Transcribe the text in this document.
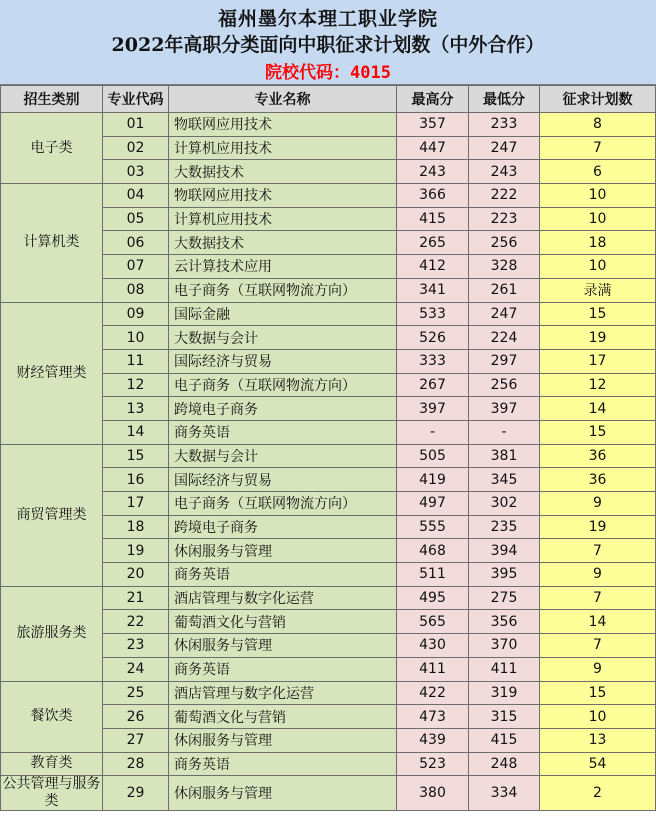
福州墨尔本理工职业学院
2022年高职分类面向中职征求计划数（中外合作）
院校代码：4015
招生类别	专业代码	专业名称	最高分	最低分	征求计划数
电子类	01	物联网应用技术	357	233	8
	02	计算机应用技术	447	247	7
	03	大数据技术	243	243	6
计算机类	04	物联网应用技术	366	222	10
	05	计算机应用技术	415	223	10
	06	大数据技术	265	256	18
	07	云计算技术应用	412	328	10
	08	电子商务（互联网物流方向）	341	261	录满
财经管理类	09	国际金融	533	247	15
	10	大数据与会计	526	224	19
	11	国际经济与贸易	333	297	17
	12	电子商务（互联网物流方向）	267	256	12
	13	跨境电子商务	397	397	14
	14	商务英语	-	-	15
商贸管理类	15	大数据与会计	505	381	36
	16	国际经济与贸易	419	345	36
	17	电子商务（互联网物流方向）	497	302	9
	18	跨境电子商务	555	235	19
	19	休闲服务与管理	468	394	7
	20	商务英语	511	395	9
旅游服务类	21	酒店管理与数字化运营	495	275	7
	22	葡萄酒文化与营销	565	356	14
	23	休闲服务与管理	430	370	7
	24	商务英语	411	411	9
餐饮类	25	酒店管理与数字化运营	422	319	15
	26	葡萄酒文化与营销	473	315	10
	27	休闲服务与管理	439	415	13
教育类	28	商务英语	523	248	54
公共管理与服务类	29	休闲服务与管理	380	334	2
